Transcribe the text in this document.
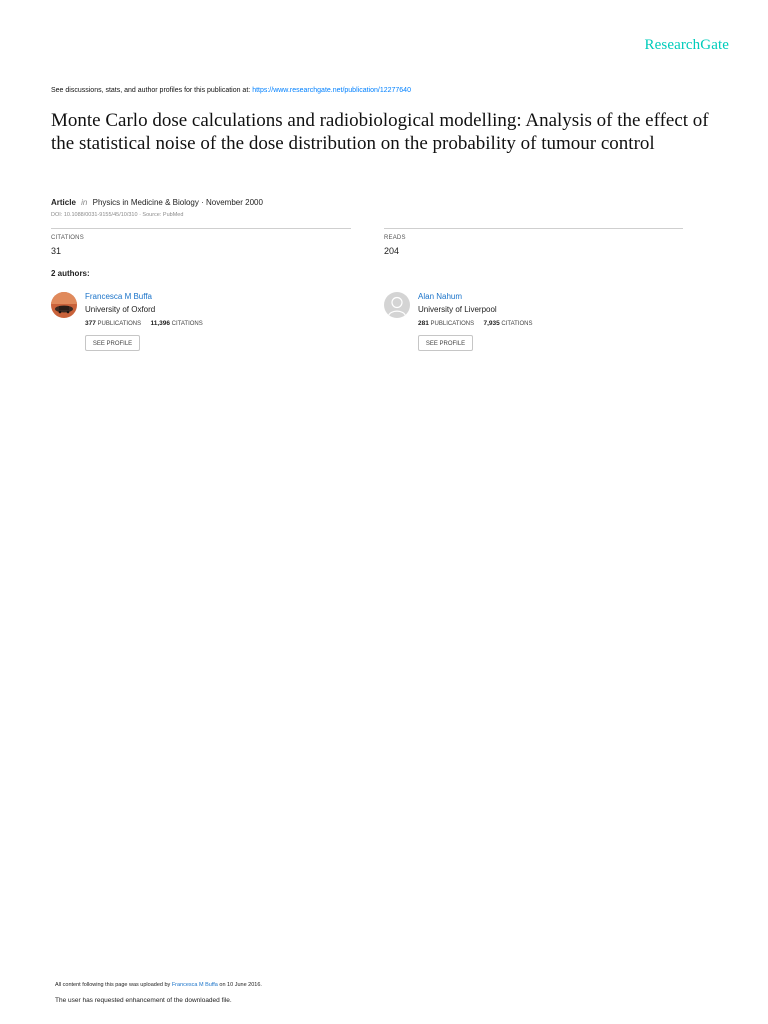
ResearchGate
See discussions, stats, and author profiles for this publication at: https://www.researchgate.net/publication/12277640
Monte Carlo dose calculations and radiobiological modelling: Analysis of the effect of the statistical noise of the dose distribution on the probability of tumour control
Article in Physics in Medicine & Biology · November 2000
DOI: 10.1088/0031-9155/45/10/310 · Source: PubMed
CITATIONS
31
READS
204
2 authors:
Francesca M Buffa
University of Oxford
377 PUBLICATIONS 11,396 CITATIONS
SEE PROFILE
Alan Nahum
University of Liverpool
281 PUBLICATIONS 7,935 CITATIONS
SEE PROFILE
All content following this page was uploaded by Francesca M Buffa on 10 June 2016.
The user has requested enhancement of the downloaded file.
